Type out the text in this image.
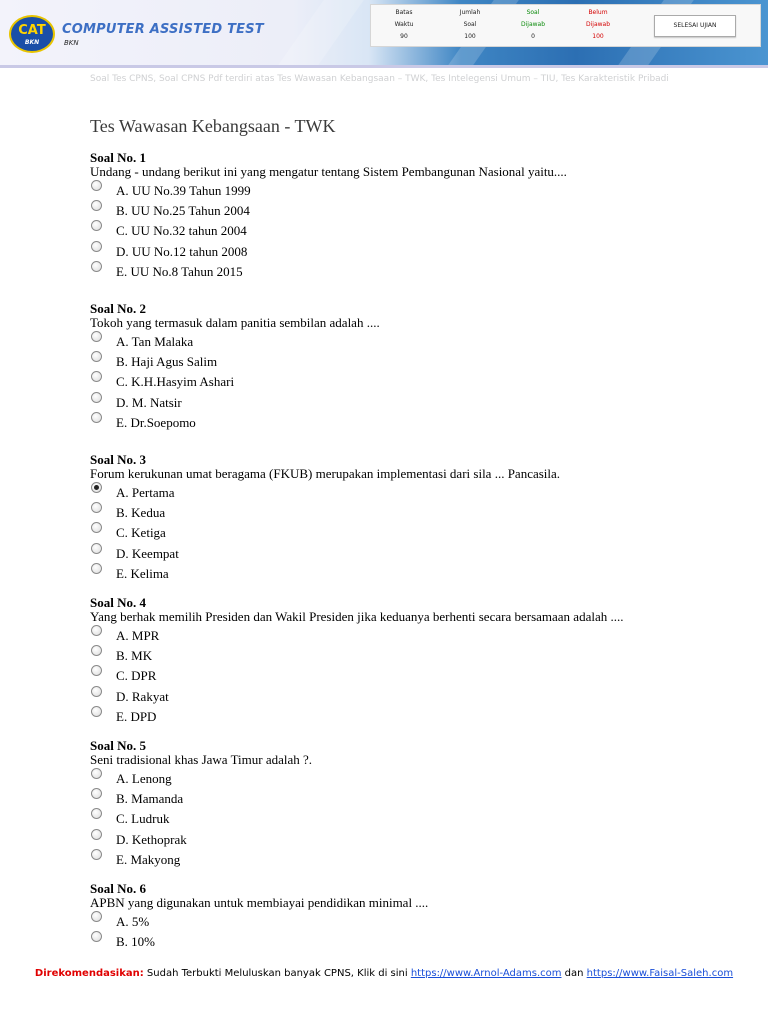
CAT
BKN
COMPUTER ASSISTED TEST
BKN
Batas
Waktu
90
Jumlah
Soal
100
Soal
Dijawab
0
Belum
Dijawab
100
SELESAI UJIAN
Soal Tes CPNS, Soal CPNS Pdf terdiri atas Tes Wawasan Kebangsaan – TWK, Tes Intelegensi Umum – TIU, Tes Karakteristik Pribadi
Tes Wawasan Kebangsaan - TWK
Soal No. 1
Undang - undang berikut ini yang mengatur tentang Sistem Pembangunan Nasional yaitu....
A. UU No.39 Tahun 1999
B. UU No.25 Tahun 2004
C. UU No.32 tahun 2004
D. UU No.12 tahun 2008
E. UU No.8 Tahun 2015
Soal No. 2
Tokoh yang termasuk dalam panitia sembilan adalah ....
A. Tan Malaka
B. Haji Agus Salim
C. K.H.Hasyim Ashari
D. M. Natsir
E. Dr.Soepomo
Soal No. 3
Forum kerukunan umat beragama (FKUB) merupakan implementasi dari sila ... Pancasila.
A. Pertama
B. Kedua
C. Ketiga
D. Keempat
E. Kelima
Soal No. 4
Yang berhak memilih Presiden dan Wakil Presiden jika keduanya berhenti secara bersamaan adalah ....
A. MPR
B. MK
C. DPR
D. Rakyat
E. DPD
Soal No. 5
Seni tradisional khas Jawa Timur adalah ?.
A. Lenong
B. Mamanda
C. Ludruk
D. Kethoprak
E. Makyong
Soal No. 6
APBN yang digunakan untuk membiayai pendidikan minimal ....
A. 5%
B. 10%
Direkomendasikan: Sudah Terbukti Meluluskan banyak CPNS, Klik di sini https://www.Arnol-Adams.com dan https://www.Faisal-Saleh.com
